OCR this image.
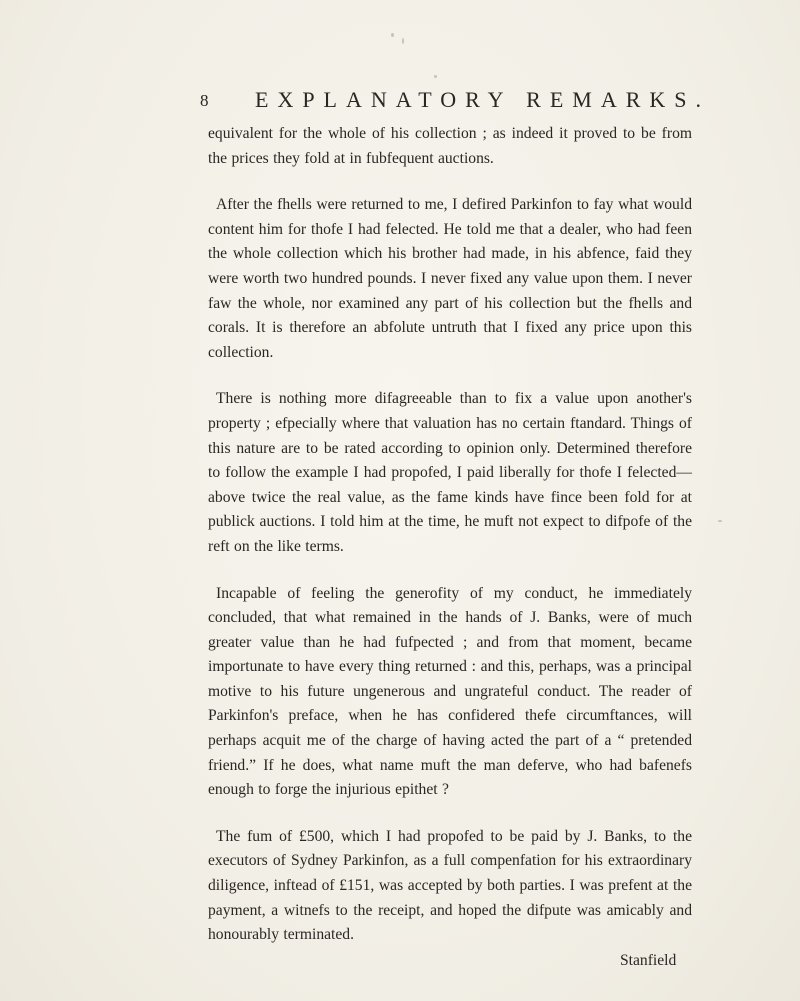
8 EXPLANATORY REMARKS.

equivalent for the whole of his collection ; as indeed it proved to be from the prices they fold at in fubfequent auctions.

After the fhells were returned to me, I defired Parkinfon to fay what would content him for thofe I had felected. He told me that a dealer, who had feen the whole collection which his brother had made, in his abfence, faid they were worth two hundred pounds. I never fixed any value upon them. I never faw the whole, nor examined any part of his collection but the fhells and corals. It is therefore an abfolute untruth that I fixed any price upon this collection.

There is nothing more difagreeable than to fix a value upon another's property ; efpecially where that valuation has no certain ftandard. Things of this nature are to be rated according to opinion only. Determined therefore to follow the example I had propofed, I paid liberally for thofe I felected—above twice the real value, as the fame kinds have fince been fold for at publick auctions. I told him at the time, he muft not expect to difpofe of the reft on the like terms.

Incapable of feeling the generofity of my conduct, he immediately concluded, that what remained in the hands of J. Banks, were of much greater value than he had fufpected ; and from that moment, became importunate to have every thing returned : and this, perhaps, was a principal motive to his future ungenerous and ungrateful conduct. The reader of Parkinfon's preface, when he has confidered thefe circumftances, will perhaps acquit me of the charge of having acted the part of a “ pretended friend.” If he does, what name muft the man deferve, who had bafenefs enough to forge the injurious epithet ?

The fum of £500, which I had propofed to be paid by J. Banks, to the executors of Sydney Parkinfon, as a full compenfation for his extraordinary diligence, inftead of £151, was accepted by both parties. I was prefent at the payment, a witnefs to the receipt, and hoped the difpute was amicably and honourably terminated.

Stanfield
